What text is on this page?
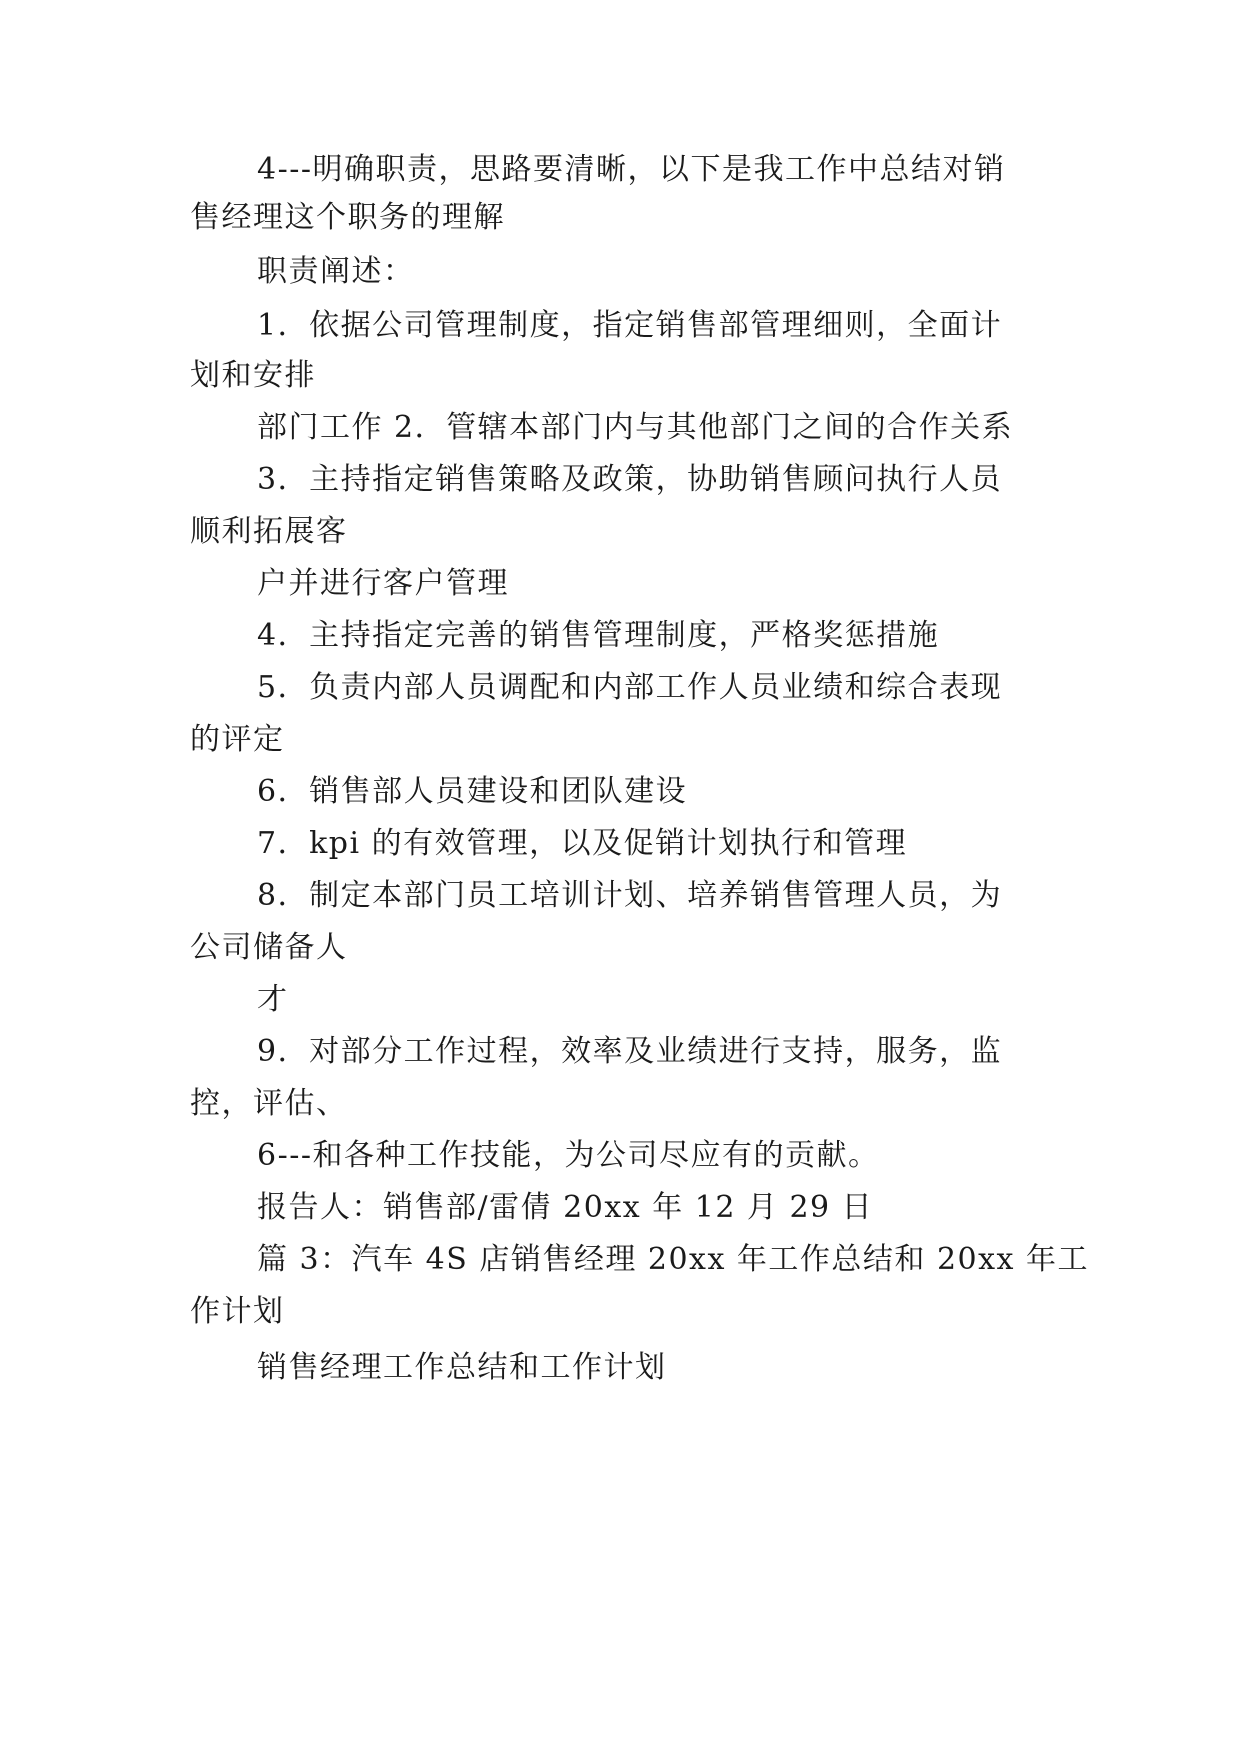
4---明确职责，思路要清晰，以下是我工作中总结对销
售经理这个职务的理解
职责阐述：
1．依据公司管理制度，指定销售部管理细则，全面计
划和安排
部门工作 2．管辖本部门内与其他部门之间的合作关系
3．主持指定销售策略及政策，协助销售顾问执行人员
顺利拓展客
户并进行客户管理
4．主持指定完善的销售管理制度，严格奖惩措施
5．负责内部人员调配和内部工作人员业绩和综合表现
的评定
6．销售部人员建设和团队建设
7．kpi 的有效管理，以及促销计划执行和管理
8．制定本部门员工培训计划、培养销售管理人员，为
公司储备人
才
9．对部分工作过程，效率及业绩进行支持，服务，监
控，评估、
6---和各种工作技能，为公司尽应有的贡献。
报告人：销售部/雷倩 20xx 年 12 月 29 日
篇 3：汽车 4S 店销售经理 20xx 年工作总结和 20xx 年工
作计划
销售经理工作总结和工作计划
